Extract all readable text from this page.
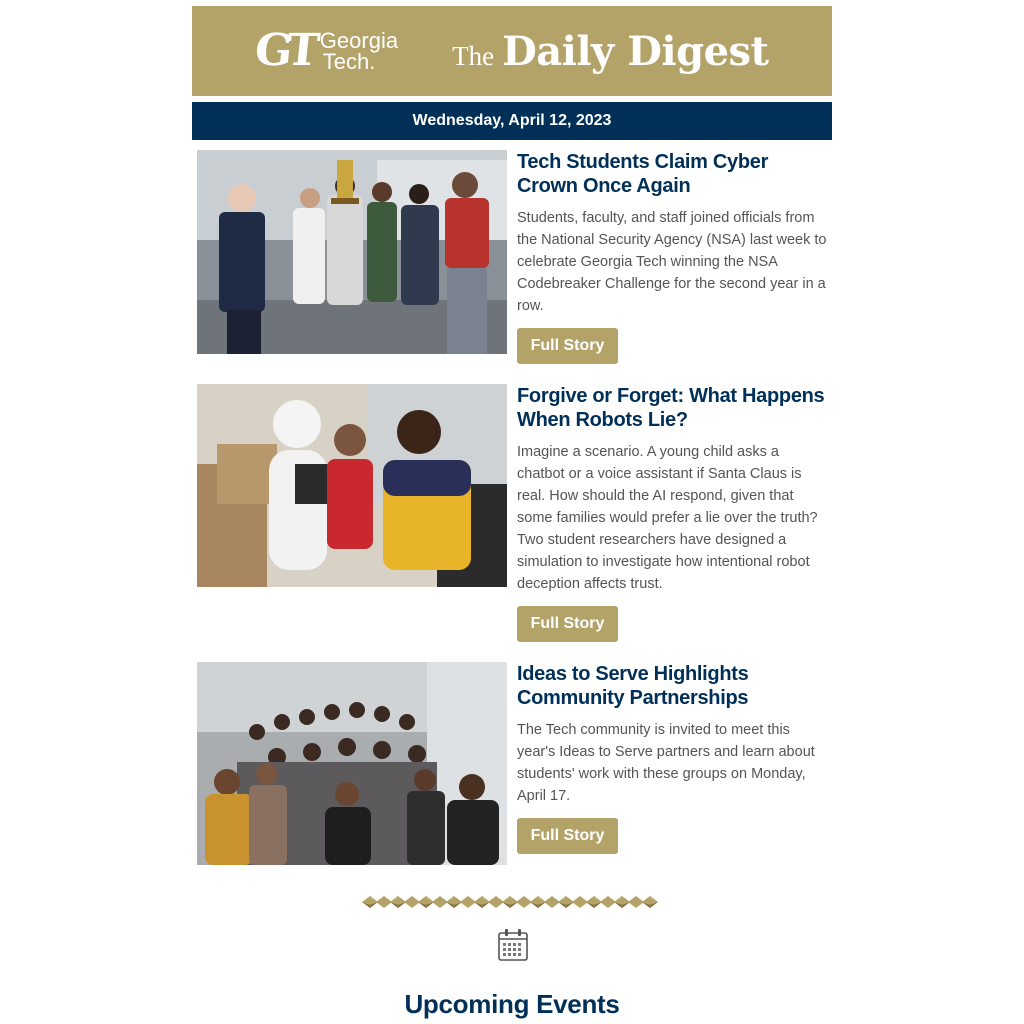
GT Georgia
Tech.	The Daily Digest
Wednesday, April 12, 2023
Tech Students Claim Cyber Crown Once Again
Students, faculty, and staff joined officials from the National Security Agency (NSA) last week to celebrate Georgia Tech winning the NSA Codebreaker Challenge for the second year in a row.
Full Story
Forgive or Forget: What Happens When Robots Lie?
Imagine a scenario. A young child asks a chatbot or a voice assistant if Santa Claus is real. How should the AI respond, given that some families would prefer a lie over the truth? Two student researchers have designed a simulation to investigate how intentional robot deception affects trust.
Full Story
Ideas to Serve Highlights Community Partnerships
The Tech community is invited to meet this year's Ideas to Serve partners and learn about students' work with these groups on Monday, April 17.
Full Story
Upcoming Events
